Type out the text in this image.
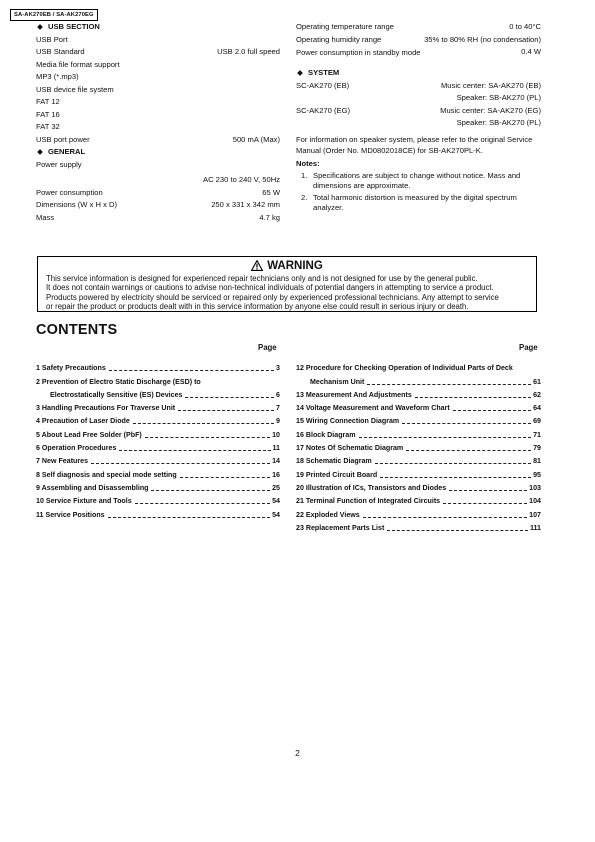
SA-AK270EB / SA-AK270EG
USB SECTION
USB Port
USB Standard	USB 2.0 full speed
Media file format support
MP3 (*.mp3)
USB device file system
FAT 12
FAT 16
FAT 32
USB port power	500 mA (Max)
GENERAL
Power supply
AC 230 to 240 V, 50Hz
Power consumption	65 W
Dimensions (W x H x D)	250 x 331 x 342 mm
Mass	4.7 kg
Operating temperature range	0 to 40°C
Operating humidity range	35% to 80% RH (no condensation)
Power consumption in standby mode	0.4 W
SYSTEM
SC-AK270 (EB)	Music center: SA-AK270 (EB)
Speaker: SB-AK270 (PL)
SC-AK270 (EG)	Music center: SA-AK270 (EG)
Speaker: SB-AK270 (PL)
For information on speaker system, please refer to the original Service Manual (Order No. MD0802018CE) for SB-AK270PL-K.
Notes:
1. Specifications are subject to change without notice. Mass and dimensions are approximate.
2. Total harmonic distortion is measured by the digital spectrum analyzer.
WARNING
This service information is designed for experienced repair technicians only and is not designed for use by the general public.
It does not contain warnings or cautions to advise non-technical individuals of potential dangers in attempting to service a product.
Products powered by electricity should be serviced or repaired only by experienced professional technicians. Any attempt to service
or repair the product or products dealt with in this service information by anyone else could result in serious injury or death.
CONTENTS
Page	Page
1 Safety Precautions	3
2 Prevention of Electro Static Discharge (ESD) to
Electrostatically Sensitive (ES) Devices	6
3 Handling Precautions For Traverse Unit	7
4 Precaution of Laser Diode	9
5 About Lead Free Solder (PbF)	10
6 Operation Procedures	11
7 New Features	14
8 Self diagnosis and special mode setting	16
9 Assembling and Disassembling	25
10 Service Fixture and Tools	54
11 Service Positions	54
12 Procedure for Checking Operation of Individual Parts of Deck
Mechanism Unit	61
13 Measurement And Adjustments	62
14 Voltage Measurement and Waveform Chart	64
15 Wiring Connection Diagram	69
16 Block Diagram	71
17 Notes Of Schematic Diagram	79
18 Schematic Diagram	81
19 Printed Circuit Board	95
20 Illustration of ICs, Transistors and Diodes	103
21 Terminal Function of Integrated Circuits	104
22 Exploded Views	107
23 Replacement Parts List	111
2
